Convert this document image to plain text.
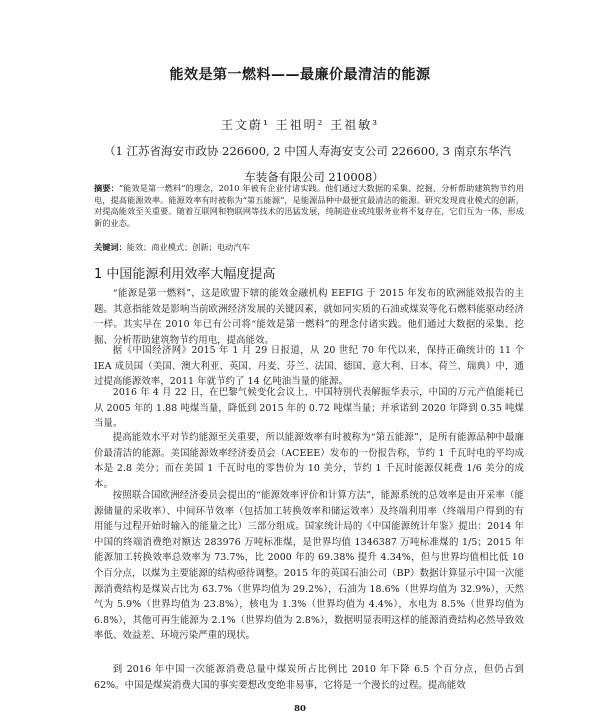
能效是第一燃料——最廉价最清洁的能源
王文蔚¹ 王祖明² 王祖敏³
（1 江苏省海安市政协 226600, 2 中国人寿海安支公司 226600, 3 南京东华汽
车装备有限公司 210008）
摘要：“能效是第一燃料”的理念，2010 年被有企业付诸实践。他们通过大数据的采集、挖掘、分析帮助建筑物节约用电，提高能源效率。能源效率有时被称为“第五能源”，是能源品种中最便宜最清洁的能源。研究发现商业模式的创新，对提高能效至关重要。随着互联网和物联网等技术的迅猛发展，纯制造业或纯服务业将不复存在，它们互为一体，形成新的业态。
关键词：能效；商业模式；创新；电动汽车
1 中国能源利用效率大幅度提高

“能源是第一燃料”，这是欧盟下辖的能效金融机构 EEFIG 于 2015 年发布的欧洲能效报告的主题。其意指能效是影响当前欧洲经济发展的关键因素，就如同实质的石油或煤炭等化石燃料能驱动经济一样。其实早在 2010 年已有公司将“能效是第一燃料”的理念付诸实践。他们通过大数据的采集、挖掘、分析帮助建筑物节约用电，提高能效。

据《中国经济网》2015 年 1 月 29 日报道，从 20 世纪 70 年代以来，保持正确统计的 11 个 IEA 成员国（美国、澳大利亚、英国、丹麦、芬兰、法国、德国、意大利、日本、荷兰、瑞典）中，通过提高能源效率，2011 年就节约了 14 亿吨油当量的能源。

2016 年 4 月 22 日，在巴黎气候变化会议上，中国特别代表解振华表示，中国的万元产值能耗已从 2005 年的 1.88 吨煤当量，降低到 2015 年的 0.72 吨煤当量；并承诺到 2020 年降到 0.35 吨煤当量。

提高能效水平对节约能源至关重要，所以能源效率有时被称为“第五能源”，是所有能源品种中最廉价最清洁的能源。美国能源效率经济委员会（ACEEE）发布的一份报告称，节约 1 千瓦时电的平均成本是 2.8 美分；而在美国 1 千瓦时电的零售价为 10 美分，节约 1 千瓦时能源仅耗费 1/6 美分的成本。

按照联合国欧洲经济委员会提出的“能源效率评价和计算方法”，能源系统的总效率是由开采率（能源储量的采收率）、中间环节效率（包括加工转换效率和储运效率）及终端利用率（终端用户得到的有用能与过程开始时输入的能量之比）三部分组成。国家统计局的《中国能源统计年鉴》提出：2014 年中国的终端消费绝对额达 283976 万吨标准煤，是世界均值 1346387 万吨标准煤的 1/5；2015 年能源加工转换效率总效率为 73.7%，比 2000 年的 69.38% 提升 4.34%，但与世界均值相比低 10 个百分点，以煤为主要能源的结构亟待调整。2015 年的英国石油公司（BP）数据计算显示中国一次能源消费结构是煤炭占比为 63.7%（世界均值为 29.2%），石油为 18.6%（世界均值为 32.9%），天然气为 5.9%（世界均值为 23.8%），核电为 1.3%（世界均值为 4.4%），水电为 8.5%（世界均值为 6.8%），其他可再生能源为 2.1%（世界均值为 2.8%），数据明显表明这样的能源消费结构必然导致效率低、效益差、环境污染严重的现状。

到 2016 年中国一次能源消费总量中煤炭所占比例比 2010 年下降 6.5 个百分点，但仍占到 62%。中国是煤炭消费大国的事实要想改变绝非易事，它将是一个漫长的过程。提高能效

80
